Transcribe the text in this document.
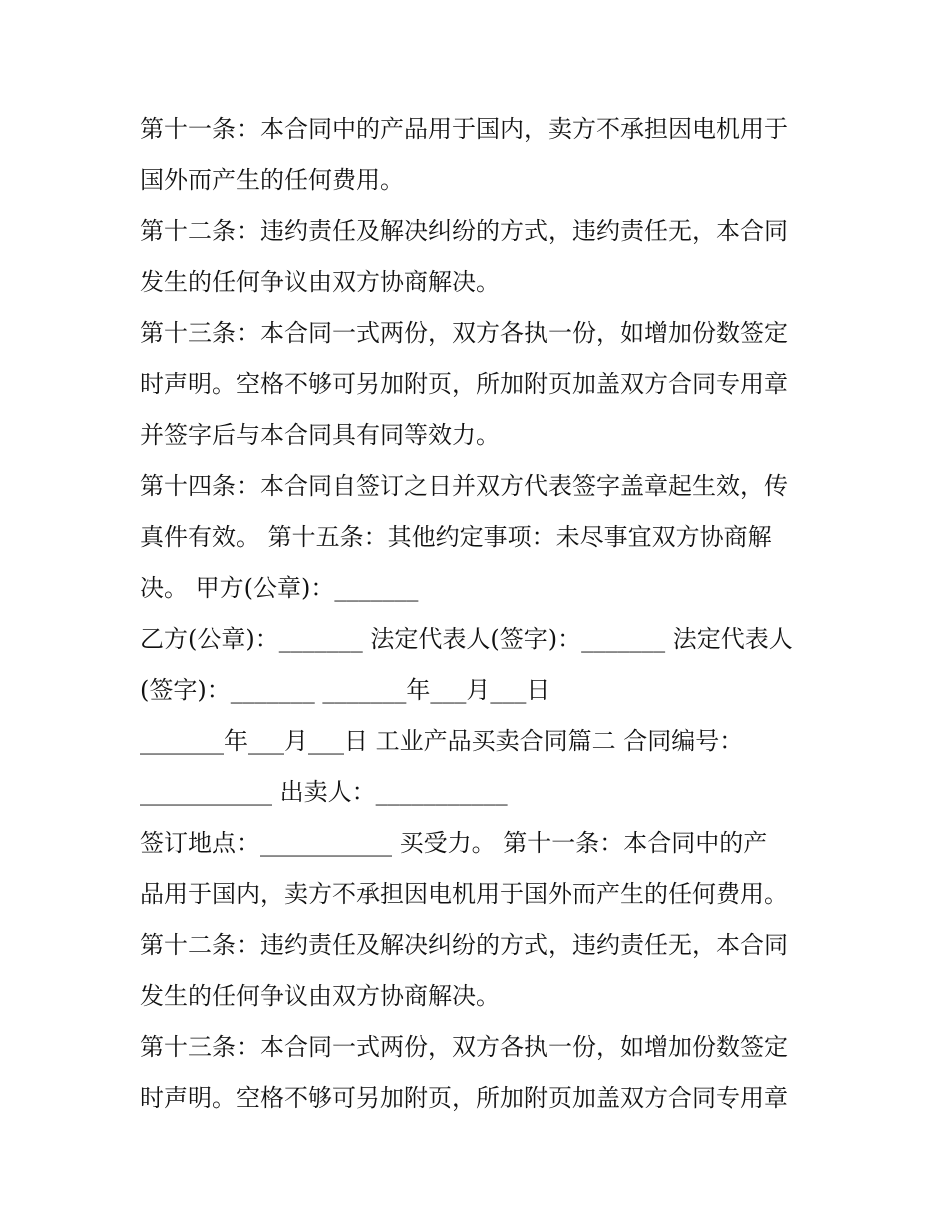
第十一条：本合同中的产品用于国内，卖方不承担因电机用于
国外而产生的任何费用。
第十二条：违约责任及解决纠纷的方式，违约责任无，本合同
发生的任何争议由双方协商解决。
第十三条：本合同一式两份，双方各执一份，如增加份数签定
时声明。空格不够可另加附页，所加附页加盖双方合同专用章
并签字后与本合同具有同等效力。
第十四条：本合同自签订之日并双方代表签字盖章起生效，传
真件有效。 第十五条：其他约定事项：未尽事宜双方协商解
决。 甲方(公章)：_______
乙方(公章)：_______ 法定代表人(签字)：_______ 法定代表人
(签字)：_______ _______年___月___日
_______年___月___日 工业产品买卖合同篇二 合同编号：
___________ 出卖人：___________
签订地点：___________ 买受力。 第十一条：本合同中的产
品用于国内，卖方不承担因电机用于国外而产生的任何费用。
第十二条：违约责任及解决纠纷的方式，违约责任无，本合同
发生的任何争议由双方协商解决。
第十三条：本合同一式两份，双方各执一份，如增加份数签定
时声明。空格不够可另加附页，所加附页加盖双方合同专用章
